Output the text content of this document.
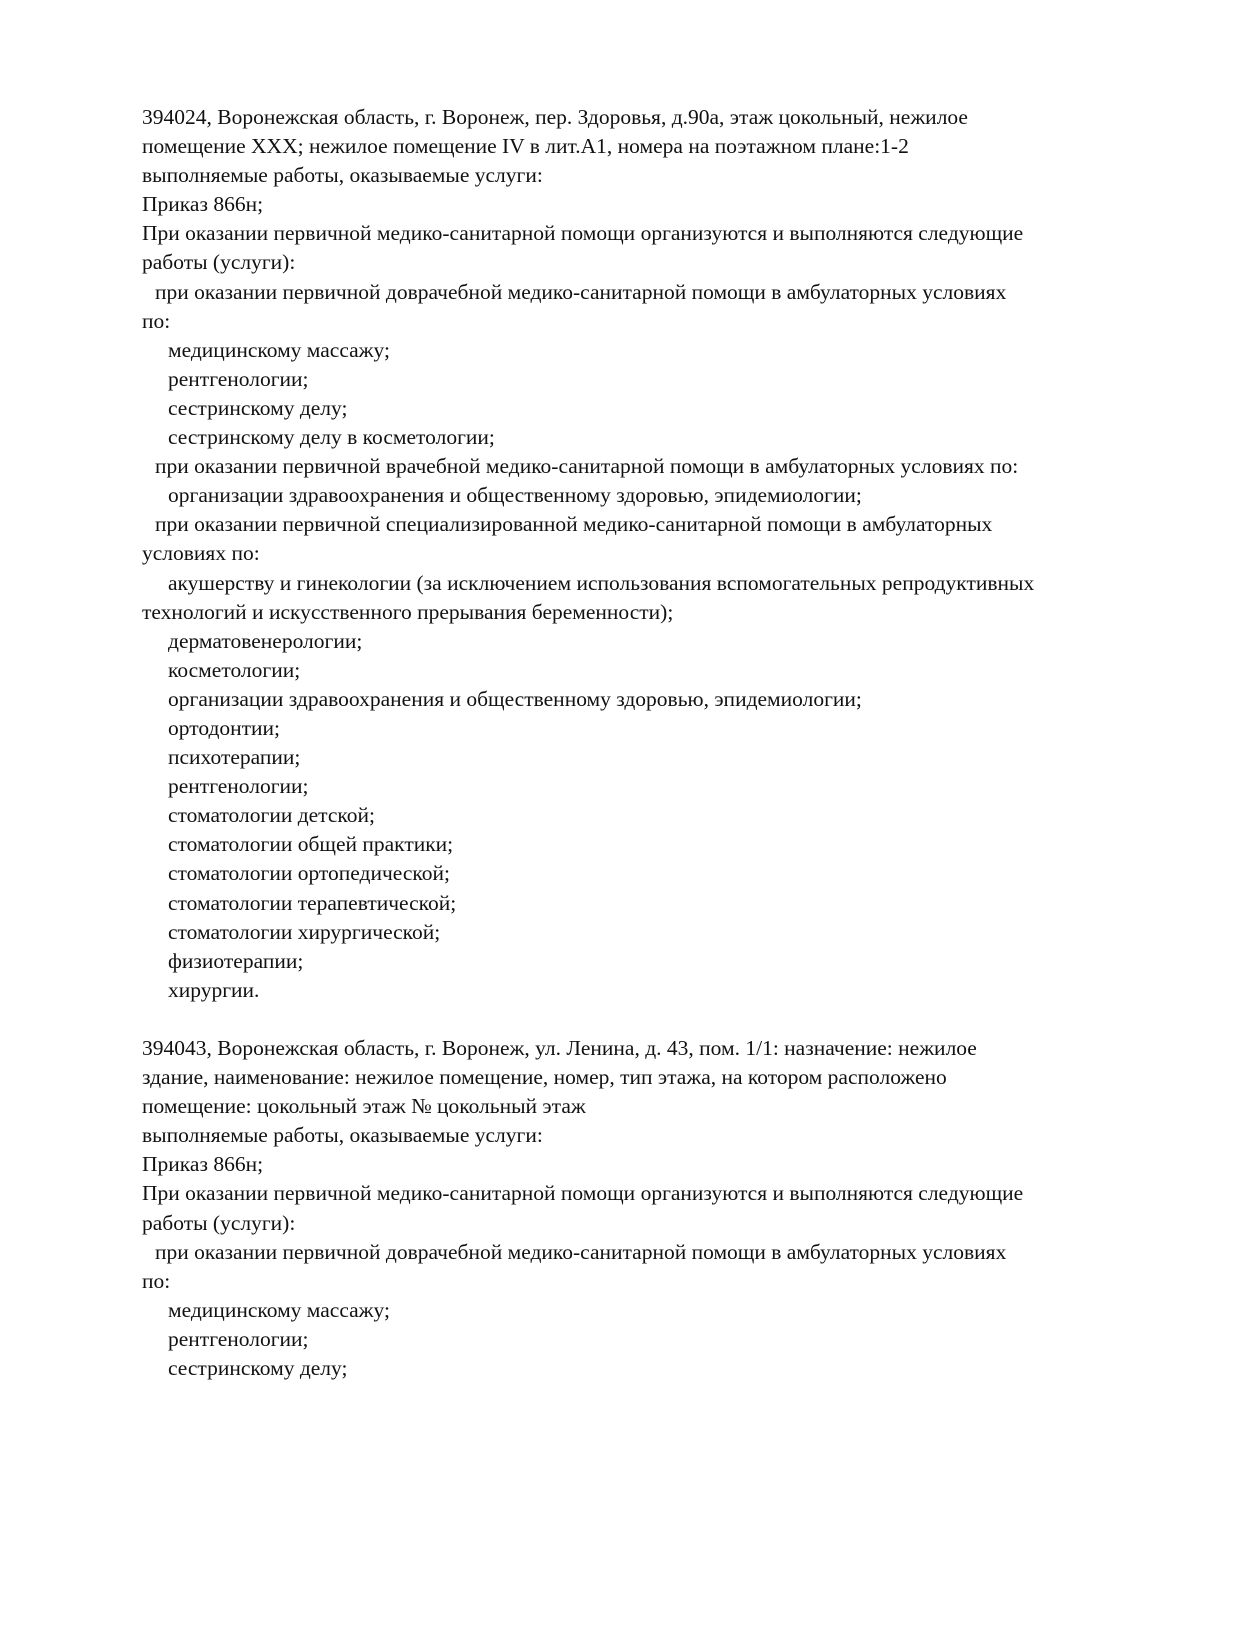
394024, Воронежская область, г. Воронеж, пер. Здоровья, д.90а, этаж цокольный, нежилое
помещение XXX; нежилое помещение IV в лит.А1, номера на поэтажном плане:1-2
выполняемые работы, оказываемые услуги:
Приказ 866н;
При оказании первичной медико-санитарной помощи организуются и выполняются следующие
работы (услуги):
при оказании первичной доврачебной медико-санитарной помощи в амбулаторных условиях
по:
медицинскому массажу;
рентгенологии;
сестринскому делу;
сестринскому делу в косметологии;
при оказании первичной врачебной медико-санитарной помощи в амбулаторных условиях по:
организации здравоохранения и общественному здоровью, эпидемиологии;
при оказании первичной специализированной медико-санитарной помощи в амбулаторных
условиях по:
акушерству и гинекологии (за исключением использования вспомогательных репродуктивных
технологий и искусственного прерывания беременности);
дерматовенерологии;
косметологии;
организации здравоохранения и общественному здоровью, эпидемиологии;
ортодонтии;
психотерапии;
рентгенологии;
стоматологии детской;
стоматологии общей практики;
стоматологии ортопедической;
стоматологии терапевтической;
стоматологии хирургической;
физиотерапии;
хирургии.
394043, Воронежская область, г. Воронеж, ул. Ленина, д. 43, пом. 1/1: назначение: нежилое
здание, наименование: нежилое помещение, номер, тип этажа, на котором расположено
помещение: цокольный этаж № цокольный этаж
выполняемые работы, оказываемые услуги:
Приказ 866н;
При оказании первичной медико-санитарной помощи организуются и выполняются следующие
работы (услуги):
при оказании первичной доврачебной медико-санитарной помощи в амбулаторных условиях
по:
медицинскому массажу;
рентгенологии;
сестринскому делу;
